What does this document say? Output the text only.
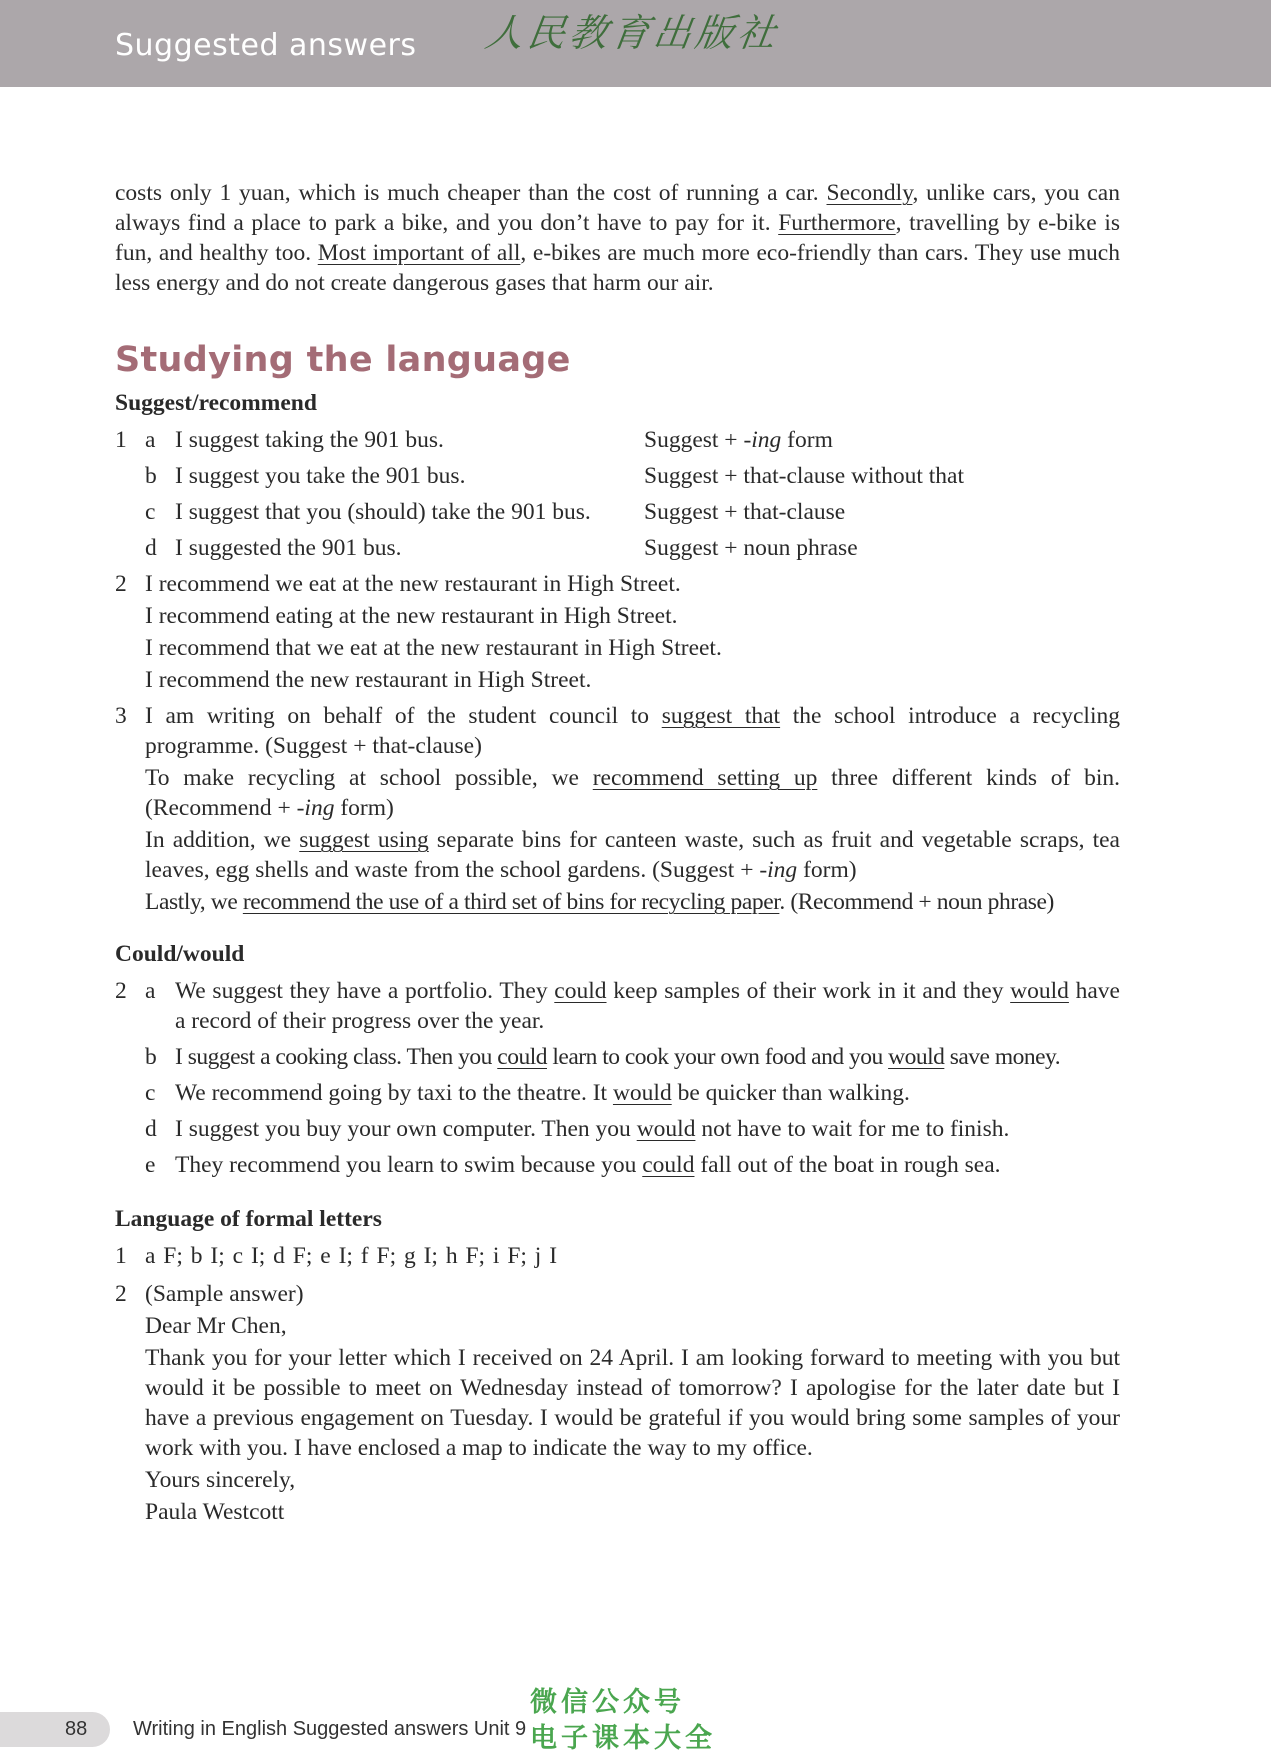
Suggested answers 人民教育出版社

costs only 1 yuan, which is much cheaper than the cost of running a car. Secondly, unlike cars, you can always find a place to park a bike, and you don’t have to pay for it. Furthermore, travelling by e-bike is fun, and healthy too. Most important of all, e-bikes are much more eco-friendly than cars. They use much less energy and do not create dangerous gases that harm our air.

Studying the language
Suggest/recommend
1 a I suggest taking the 901 bus.	Suggest + -ing form
b I suggest you take the 901 bus.	Suggest + that-clause without that
c I suggest that you (should) take the 901 bus.	Suggest + that-clause
d I suggested the 901 bus.	Suggest + noun phrase
2 I recommend we eat at the new restaurant in High Street.

I recommend eating at the new restaurant in High Street.

I recommend that we eat at the new restaurant in High Street.

I recommend the new restaurant in High Street.

3 I am writing on behalf of the student council to suggest that the school introduce a recycling programme. (Suggest + that-clause)

To make recycling at school possible, we recommend setting up three different kinds of bin. (Recommend + -ing form)

In addition, we suggest using separate bins for canteen waste, such as fruit and vegetable scraps, tea leaves, egg shells and waste from the school gardens. (Suggest + -ing form)

Lastly, we recommend the use of a third set of bins for recycling paper. (Recommend + noun phrase)

Could/would
2 a We suggest they have a portfolio. They could keep samples of their work in it and they would have a record of their progress over the year.
b I suggest a cooking class. Then you could learn to cook your own food and you would save money.
c We recommend going by taxi to the theatre. It would be quicker than walking.
d I suggest you buy your own computer. Then you would not have to wait for me to finish.
e They recommend you learn to swim because you could fall out of the boat in rough sea.
Language of formal letters
1 a F; b I; c I; d F; e I; f F; g I; h F; i F; j I
2 (Sample answer)

Dear Mr Chen,

Thank you for your letter which I received on 24 April. I am looking forward to meeting with you but would it be possible to meet on Wednesday instead of tomorrow? I apologise for the later date but I have a previous engagement on Tuesday. I would be grateful if you would bring some samples of your work with you. I have enclosed a map to indicate the way to my office.

Yours sincerely,

Paula Westcott

88 Writing in English Suggested answers Unit 9
微信公众号
电子课本大全
